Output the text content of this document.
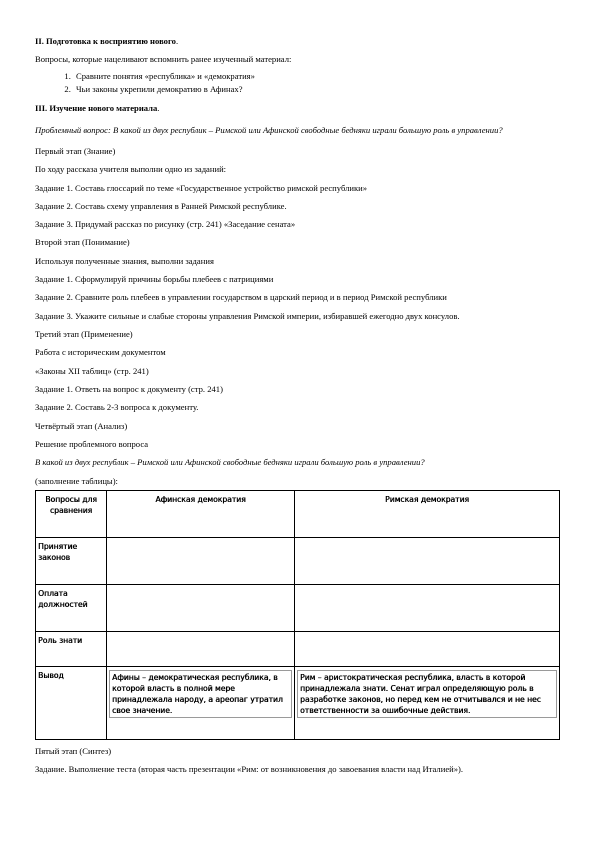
II. Подготовка к восприятию нового.

Вопросы, которые нацеливают вспомнить ранее изученный материал:

1. Сравните понятия «республика» и «демократия»
2. Чьи законы укрепили демократию в Афинах?

III. Изучение нового материала.

Проблемный вопрос: В какой из двух республик – Римской или Афинской свободные бедняки играли большую роль в управлении?

Первый этап (Знание)

По ходу рассказа учителя выполни одно из заданий:

Задание 1. Составь глоссарий по теме «Государственное устройство римской республики»

Задание 2. Составь схему управления в Ранней Римской республике.

Задание 3. Придумай рассказ по рисунку (стр. 241) «Заседание сената»

Второй этап (Понимание)

Используя полученные знания, выполни задания

Задание 1. Сформулируй причины борьбы плебеев с патрициями

Задание 2. Сравните роль плебеев в управлении государством в царский период и в период Римской республики

Задание 3. Укажите сильные и слабые стороны управления Римской империи, избиравшей ежегодно двух консулов.

Третий этап (Применение)

Работа с историческим документом

«Законы XII таблиц» (стр. 241)

Задание 1. Ответь на вопрос к документу (стр. 241)

Задание 2. Составь 2-3 вопроса к документу.

Четвёртый этап (Анализ)

Решение проблемного вопроса

В какой из двух республик – Римской или Афинской свободные бедняки играли большую роль в управлении?

(заполнение таблицы):

Вопросы для сравнения	Афинская демократия	Римская демократия

Принятие законов		

Оплата должностей		

Роль знати		

Вывод	Афины – демократическая республика, в которой власть в полной мере принадлежала народу, а ареопаг утратил свое значение.	Рим – аристократическая республика, власть в которой принадлежала знати. Сенат играл определяющую роль в разработке законов, но перед кем не отчитывался и не нес ответственности за ошибочные действия.

Пятый этап (Синтез)

Задание. Выполнение теста (вторая часть презентации «Рим: от возникновения до завоевания власти над Италией»).
